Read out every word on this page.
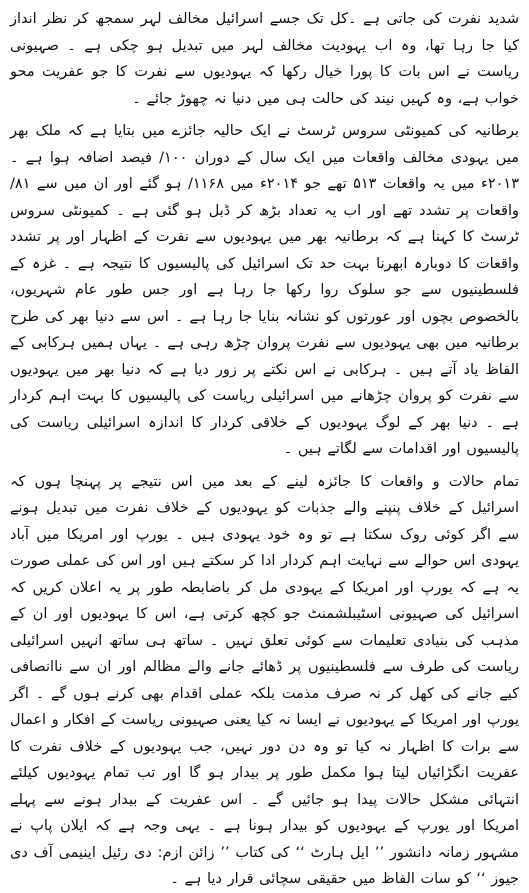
شدید نفرت کی جاتی ہے ۔کل تک جسے اسرائیل مخالف لہر سمجھ کر نظر انداز کیا جا رہا تھا، وہ اب یہودیت مخالف لہر میں تبدیل ہو چکی ہے ۔ صہیونی ریاست نے اس بات کا پورا خیال رکھا کہ یہودیوں سے نفرت کا جو عفریت محو خواب ہے، وہ کہیں نیند کی حالت ہی میں دنیا نہ چھوڑ جائے ۔

برطانیہ کی کمیونٹی سروس ٹرسٹ نے ایک حالیہ جائزے میں بتایا ہے کہ ملک بھر میں یہودی مخالف واقعات میں ایک سال کے دوران ۱۰۰/ فیصد اضافہ ہوا ہے ۔ ۲۰۱۳ء میں یہ واقعات ۵۱۳ تھے جو ۲۰۱۴ء میں ۱۱۶۸/ ہو گئے اور ان میں سے ۸۱/ واقعات پر تشدد تھے اور اب یہ تعداد بڑھ کر ڈبل ہو گئی ہے ۔ کمیونٹی سروس ٹرسٹ کا کہنا ہے کہ برطانیہ بھر میں یہودیوں سے نفرت کے اظہار اور پر تشدد واقعات کا دوبارہ ابھرنا بہت حد تک اسرائیل کی پالیسیوں کا نتیجہ ہے ۔ غزہ کے فلسطینیوں سے جو سلوک روا رکھا جا رہا ہے اور جس طور عام شہریوں، بالخصوص بچوں اور عورتوں کو نشانہ بنایا جا رہا ہے ۔ اس سے دنیا بھر کی طرح برطانیہ میں بھی یہودیوں سے نفرت پروان چڑھ رہی ہے ۔ یہاں ہمیں ہرکابی کے الفاظ یاد آتے ہیں ۔ ہرکابی نے اس نکتے پر زور دیا ہے کہ دنیا بھر میں یہودیوں سے نفرت کو پروان چڑھانے میں اسرائیلی ریاست کی پالیسیوں کا بہت اہم کردار ہے ۔ دنیا بھر کے لوگ یہودیوں کے خلاقی کردار کا اندازہ اسرائیلی ریاست کی پالیسیوں اور اقدامات سے لگاتے ہیں ۔

تمام حالات و واقعات کا جائزہ لینے کے بعد میں اس نتیجے پر پہنچا ہوں کہ اسرائیل کے خلاف پنپنے والے جذبات کو یہودیوں کے خلاف نفرت میں تبدیل ہونے سے اگر کوئی روک سکتا ہے تو وہ خود یہودی ہیں ۔ یورپ اور امریکا میں آباد یہودی اس حوالے سے نہایت اہم کردار ادا کر سکتے ہیں اور اس کی عملی صورت یہ ہے کہ یورپ اور امریکا کے یہودی مل کر باضابطہ طور پر یہ اعلان کریں کہ اسرائیل کی صہیونی اسٹیبلشمنٹ جو کچھ کرتی ہے، اس کا یہودیوں اور ان کے مذہب کی بنیادی تعلیمات سے کوئی تعلق نہیں ۔ ساتھ ہی ساتھ انہیں اسرائیلی ریاست کی طرف سے فلسطینیوں پر ڈھائے جانے والے مظالم اور ان سے ناانصافی کیے جانے کی کھل کر نہ صرف مذمت بلکہ عملی اقدام بھی کرنے ہوں گے ۔ اگر یورپ اور امریکا کے یہودیوں نے ایسا نہ کیا یعنی صہیونی ریاست کے افکار و اعمال سے برات کا اظہار نہ کیا تو وہ دن دور نہیں، جب یہودیوں کے خلاف نفرت کا عفریت انگڑائیاں لیتا ہوا مکمل طور پر بیدار ہو گا اور تب تمام یہودیوں کیلئے انتہائی مشکل حالات پیدا ہو جائیں گے ۔ اس عفریت کے بیدار ہونے سے پہلے امریکا اور یورپ کے یہودیوں کو بیدار ہونا ہے ۔ یہی وجہ ہے کہ ایلان پاپ نے مشہور زمانہ دانشور ’’ ایل ہارٹ ‘‘ کی کتاب ’’ زائن ازم: دی رئیل اینیمی آف دی جیوز ‘‘ کو سات الفاظ میں حقیقی سچائی قرار دیا ہے ۔
